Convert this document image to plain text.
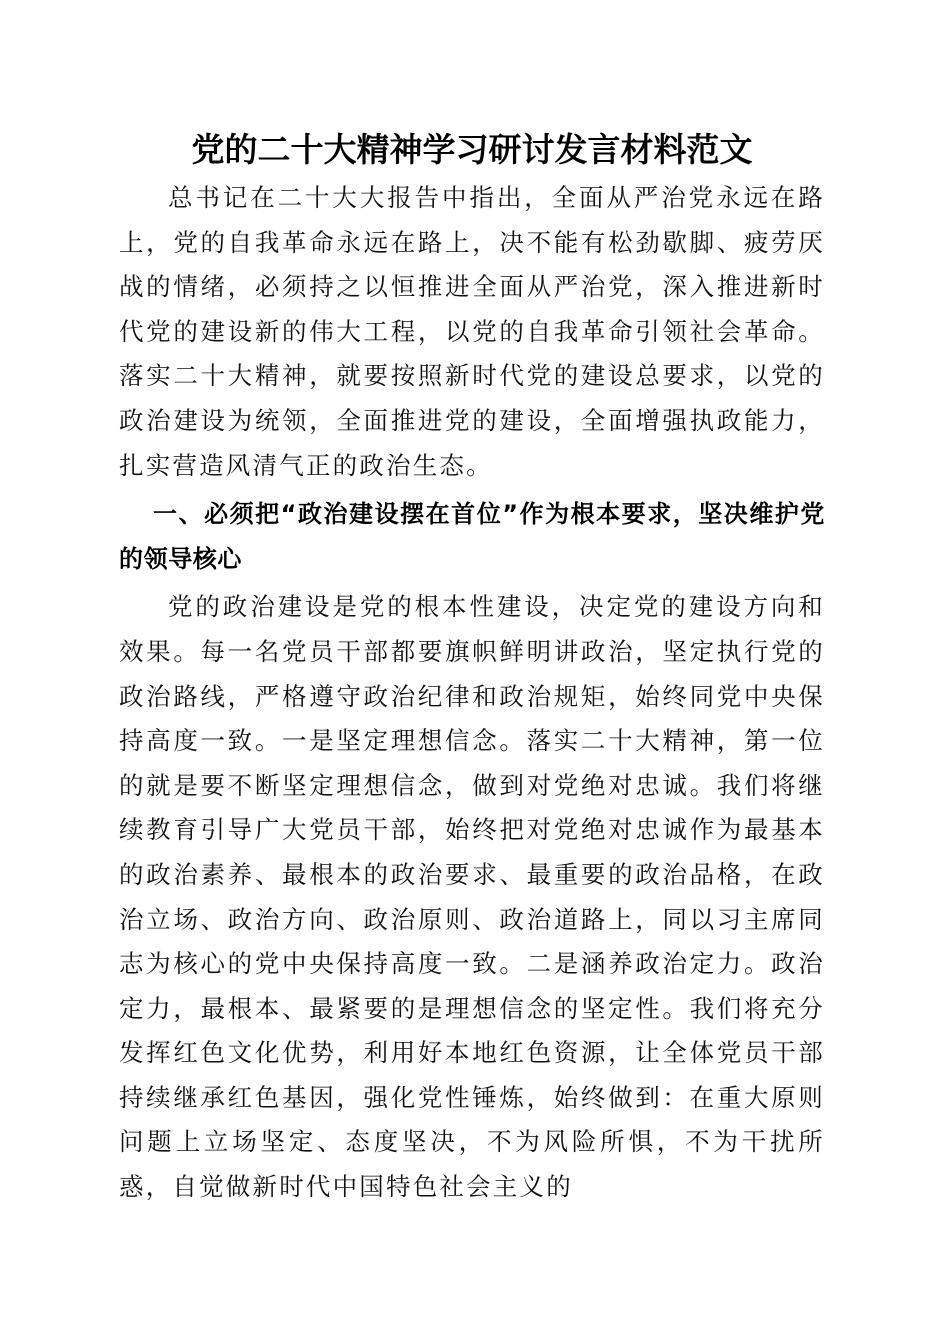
党的二十大精神学习研讨发言材料范文

总书记在二十大大报告中指出，全面从严治党永远在路上，党的自我革命永远在路上，决不能有松劲歇脚、疲劳厌战的情绪，必须持之以恒推进全面从严治党，深入推进新时代党的建设新的伟大工程，以党的自我革命引领社会革命。落实二十大精神，就要按照新时代党的建设总要求，以党的政治建设为统领，全面推进党的建设，全面增强执政能力，扎实营造风清气正的政治生态。

一、必须把“政治建设摆在首位”作为根本要求，坚决维护党的领导核心

党的政治建设是党的根本性建设，决定党的建设方向和效果。每一名党员干部都要旗帜鲜明讲政治，坚定执行党的政治路线，严格遵守政治纪律和政治规矩，始终同党中央保持高度一致。一是坚定理想信念。落实二十大精神，第一位的就是要不断坚定理想信念，做到对党绝对忠诚。我们将继续教育引导广大党员干部，始终把对党绝对忠诚作为最基本的政治素养、最根本的政治要求、最重要的政治品格，在政治立场、政治方向、政治原则、政治道路上，同以习主席同志为核心的党中央保持高度一致。二是涵养政治定力。政治定力，最根本、最紧要的是理想信念的坚定性。我们将充分发挥红色文化优势，利用好本地红色资源，让全体党员干部持续继承红色基因，强化党性锤炼，始终做到：在重大原则问题上立场坚定、态度坚决，不为风险所惧，不为干扰所惑，自觉做新时代中国特色社会主义的
